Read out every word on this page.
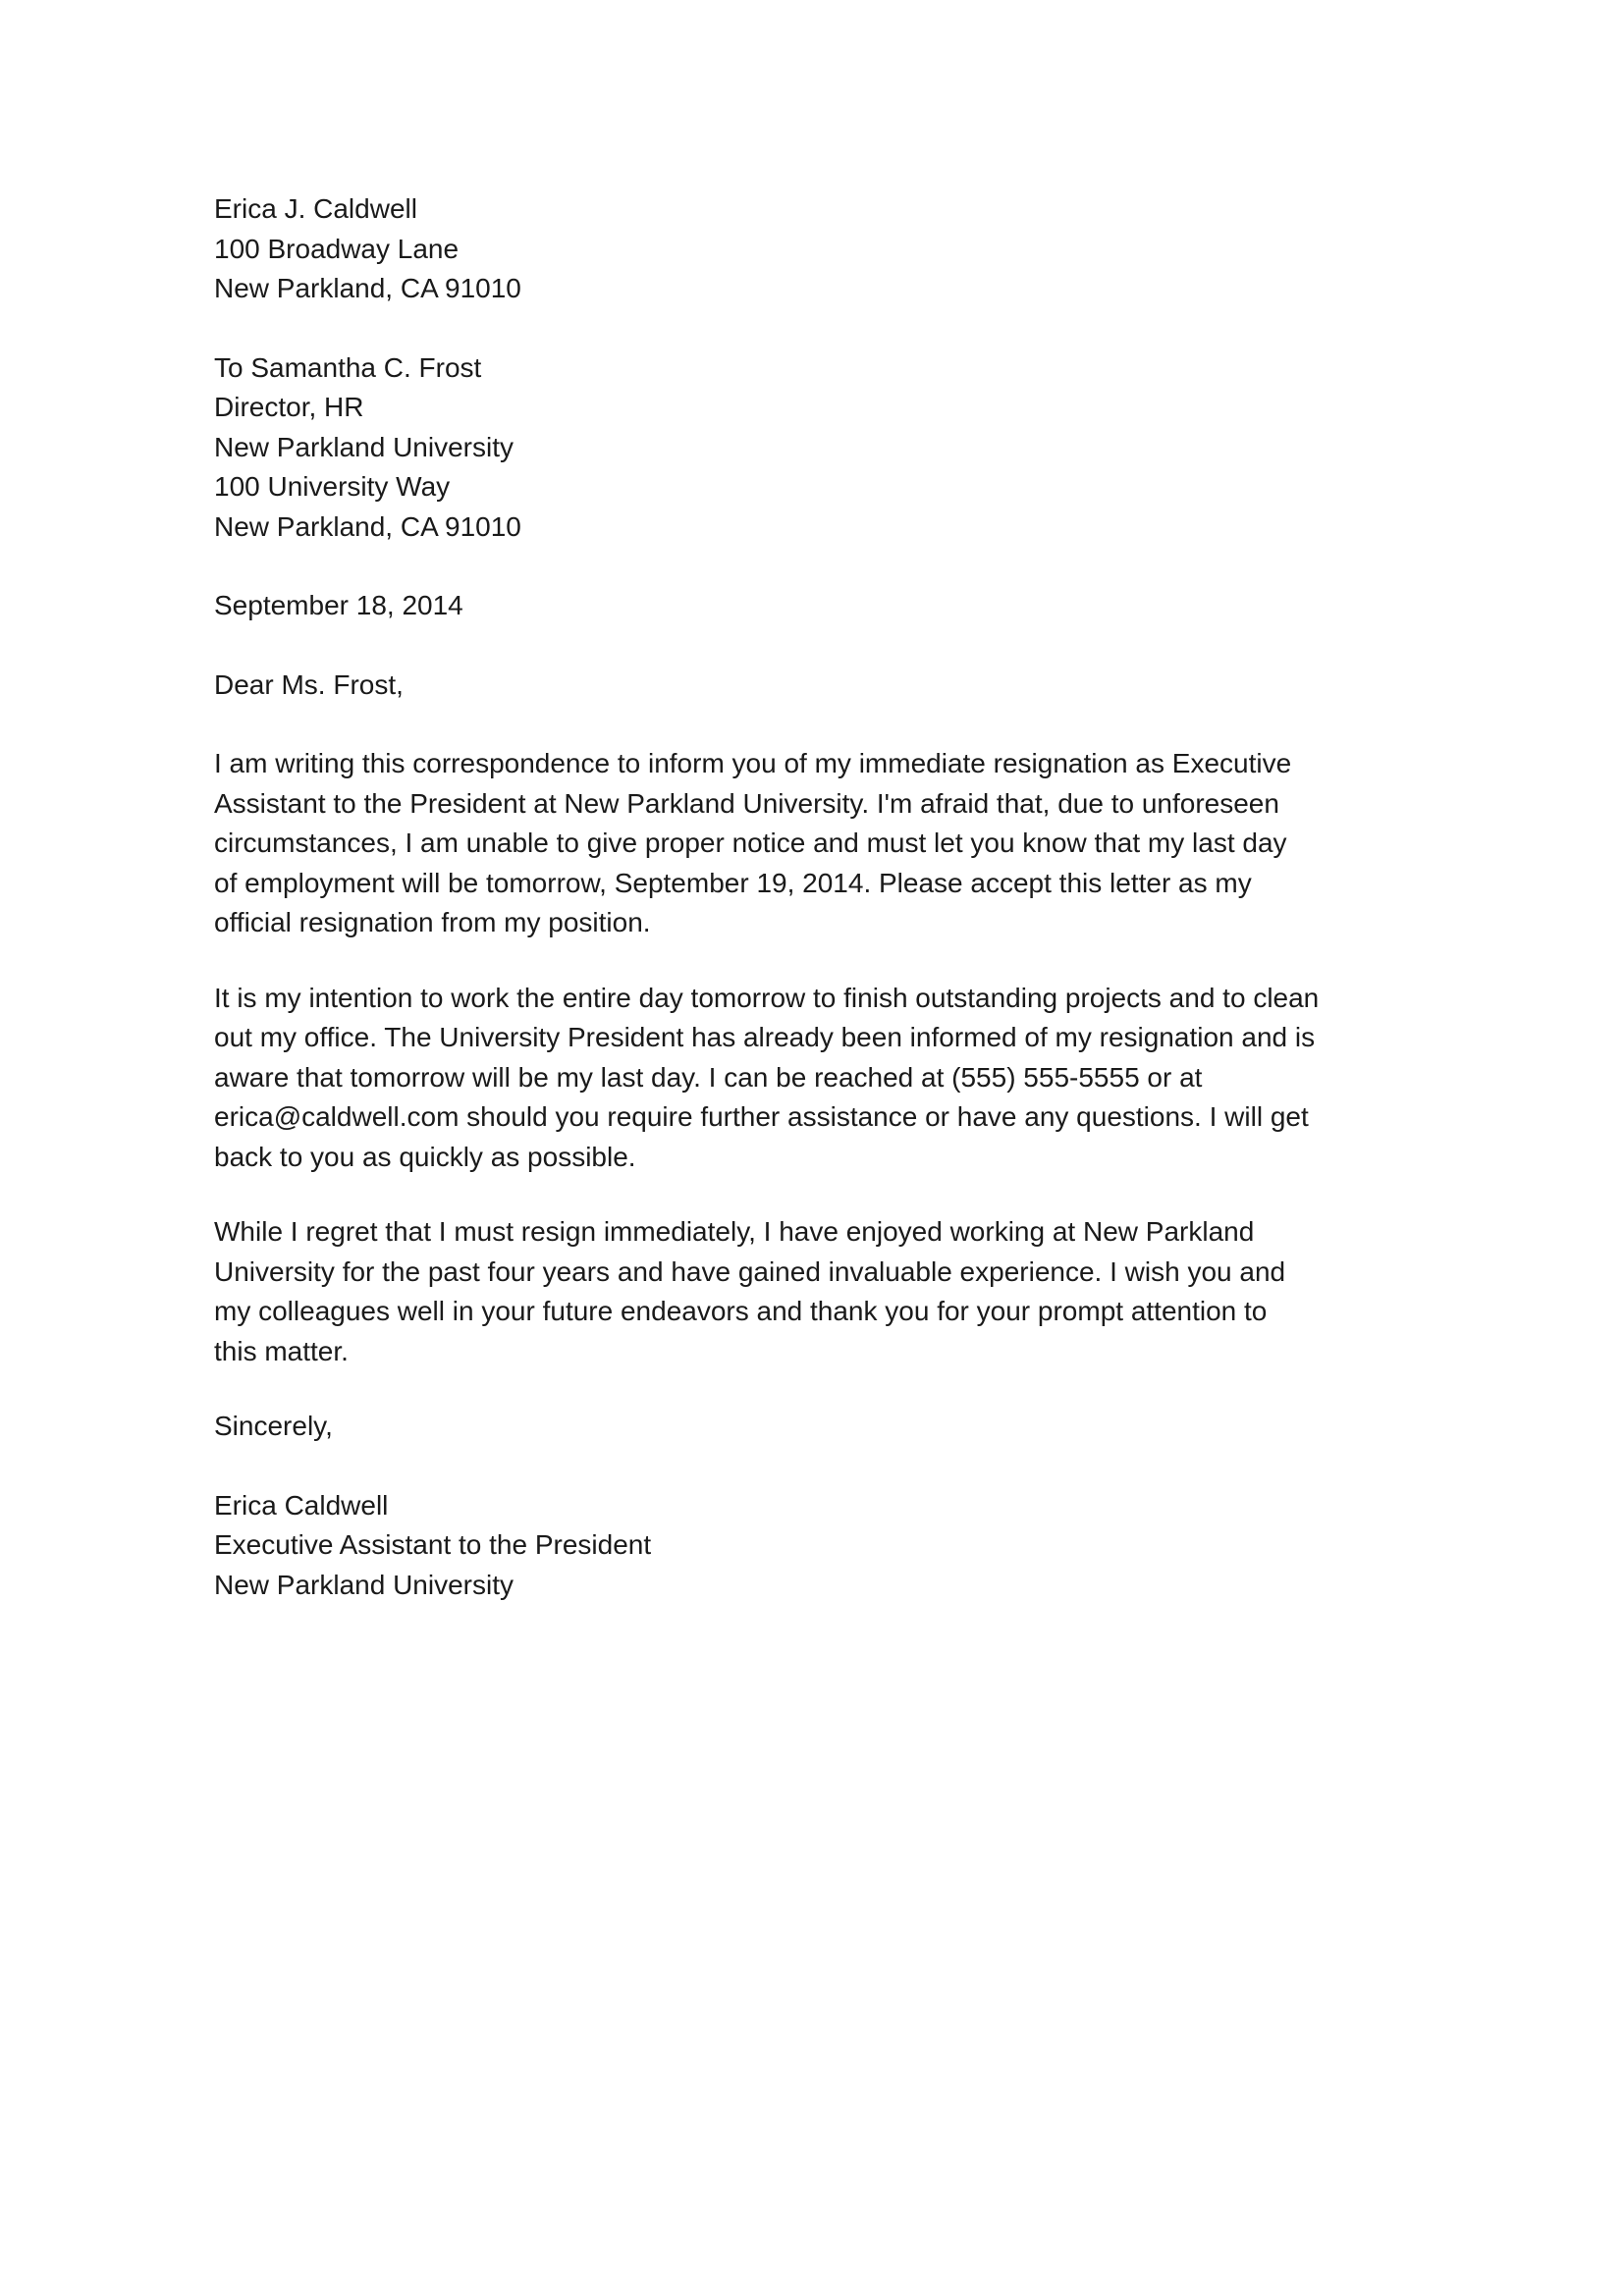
Erica J. Caldwell
100 Broadway Lane
New Parkland, CA 91010
To Samantha C. Frost
Director, HR
New Parkland University
100 University Way
New Parkland, CA 91010
September 18, 2014
Dear Ms. Frost,
I am writing this correspondence to inform you of my immediate resignation as Executive
Assistant to the President at New Parkland University. I'm afraid that, due to unforeseen
circumstances, I am unable to give proper notice and must let you know that my last day
of employment will be tomorrow, September 19, 2014. Please accept this letter as my
official resignation from my position.
It is my intention to work the entire day tomorrow to finish outstanding projects and to clean
out my office. The University President has already been informed of my resignation and is
aware that tomorrow will be my last day. I can be reached at (555) 555-5555 or at
erica@caldwell.com should you require further assistance or have any questions. I will get
back to you as quickly as possible.
While I regret that I must resign immediately, I have enjoyed working at New Parkland
University for the past four years and have gained invaluable experience. I wish you and
my colleagues well in your future endeavors and thank you for your prompt attention to
this matter.
Sincerely,
Erica Caldwell
Executive Assistant to the President
New Parkland University
